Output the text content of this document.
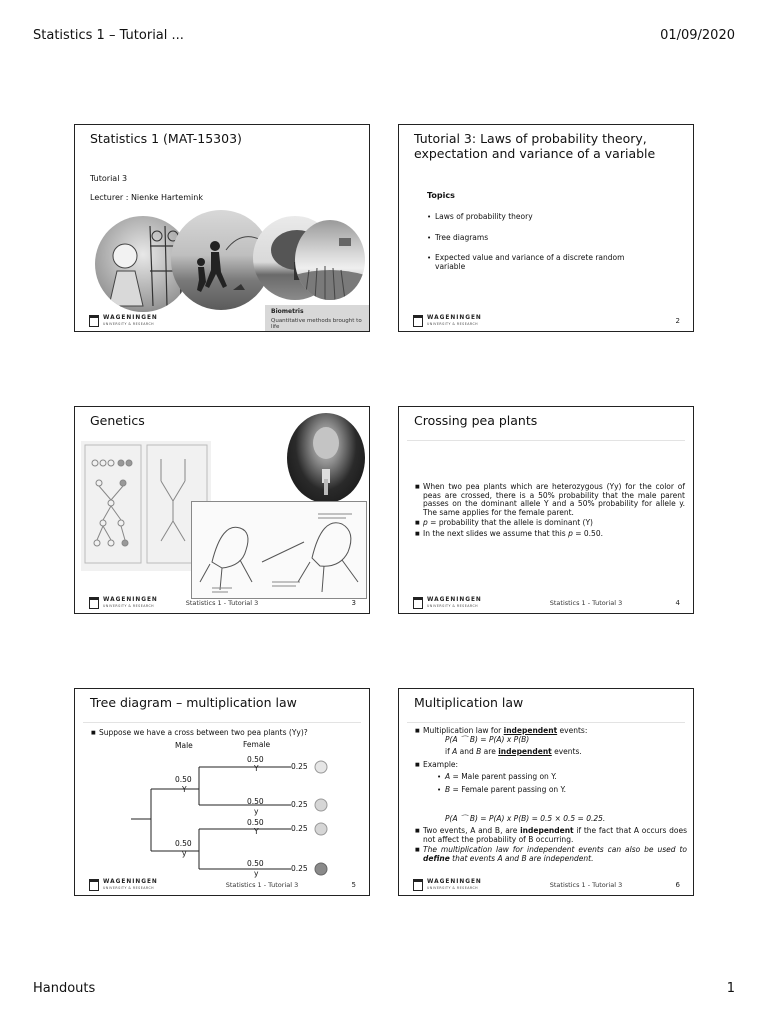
Statistics 1 – Tutorial ...	01/09/2020
Statistics 1 (MAT-15303)
Tutorial 3
Lecturer : Nienke Hartemink
Biometris
Quantitative methods brought to life
WAGENINGEN
UNIVERSITY & RESEARCH
Tutorial 3: Laws of probability theory,
expectation and variance of a variable
Topics
• Laws of probability theory
• Tree diagrams
• Expected value and variance of a discrete random variable
WAGENINGEN
UNIVERSITY & RESEARCH	2
Genetics
WAGENINGEN
UNIVERSITY & RESEARCH	Statistics 1 - Tutorial 3	3
Crossing pea plants
■ When two pea plants which are heterozygous (Yy) for the color of peas are crossed, there is a 50% probability that the male parent passes on the dominant allele Y and a 50% probability for allele y. The same applies for the female parent.
■ p = probability that the allele is dominant (Y)
■ In the next slides we assume that this p = 0.50.
WAGENINGEN
UNIVERSITY & RESEARCH	Statistics 1 - Tutorial 3	4
Tree diagram – multiplication law
■ Suppose we have a cross between two pea plants (Yy)?
Male	Female
0.50
Y
0.50
y
0.50
Y	0.25
0.50
y
0.25
0.50
Y	0.25
0.50
y
0.25
WAGENINGEN
UNIVERSITY & RESEARCH	Statistics 1 - Tutorial 3	5
Multiplication law
■ Multiplication law for independent events:
P(A ⌒ B) = P(A) x P(B)
if A and B are independent events.
■ Example:
• A = Male parent passing on Y.
• B = Female parent passing on Y.
P(A ⌒ B) = P(A) x P(B) = 0.5 × 0.5 = 0.25.
■ Two events, A and B, are independent if the fact that A occurs does not affect the probability of B occurring.
■ The multiplication law for independent events can also be used to define that events A and B are independent.
WAGENINGEN
UNIVERSITY & RESEARCH	Statistics 1 - Tutorial 3	6
Handouts	1
